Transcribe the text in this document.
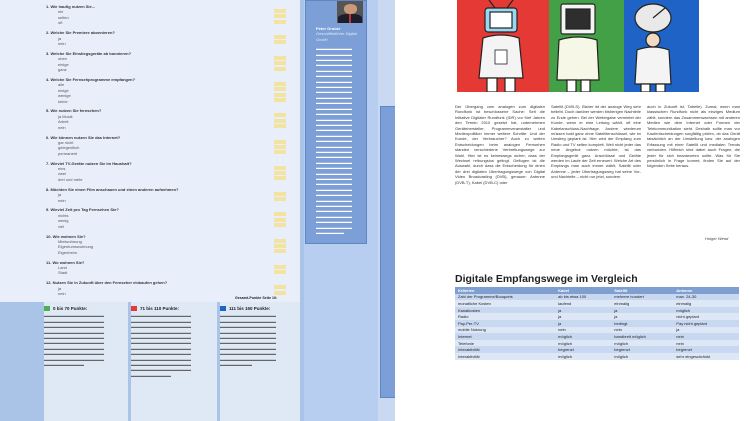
1. Wie haufig nutzen Sie...
nie
selten
oft
2. Welche Sie Premiere abonnieren?
ja
nein
3. Welche Sie Einstiegsgeräte ab bonnieren?
oben
einige
ganz
4. Welche Sie Fernsehprogramme empfangen?
alle
einige
wenige
keine
5. Wie nutzen Sie fernsehen?
ja Musik
Arbeit
nein
6. Wie können nutzen Sie das Internet?
gar nicht
gelegentlich
permanent
7. Wieviel TV-Geräte nutzen Sie im Haushalt?
eins
zwei
drei und mehr
8. Möchten Sie einen Film anschauen und einen anderen aufnehmen?
ja
nein
9. Wieviel Zeit pro Tag Fernsehen Sie?
nichts
wenig
viel
10. Wie wohnen Sie?
Mietwohnung
Eigentumswohnung
Eigenheim
11. Wo wohnen Sie?
Land
Stadt
12. Nutzen Sie in Zukunft über den Fernseher einkaufen gehen?
ja
nein
Gesamt-Punkte Seite 10:
0 bis 70 Punkte:
▬▬▬▬▬▬▬▬▬▬▬▬▬▬▬
▬▬▬▬▬▬▬▬▬▬▬▬▬▬▬
▬▬▬▬▬▬▬▬▬▬▬▬▬▬▬
▬▬▬▬▬▬▬▬▬▬▬▬▬▬▬
▬▬▬▬▬▬▬▬▬▬▬▬▬▬▬
▬▬▬▬▬▬▬▬▬▬▬▬▬▬▬
▬▬▬▬▬▬▬▬▬▬▬▬▬▬▬
▬▬▬▬▬▬▬▬▬▬▬▬▬▬▬
▬▬▬▬▬▬▬▬▬▬▬▬▬▬▬
▬▬▬▬▬▬▬▬▬▬
71 bis 110 Punkte:
▬▬▬▬▬▬▬▬▬▬▬▬▬▬▬
▬▬▬▬▬▬▬▬▬▬▬▬▬▬▬
▬▬▬▬▬▬▬▬▬▬▬▬▬▬▬
▬▬▬▬▬▬▬▬▬▬▬▬▬▬▬
▬▬▬▬▬▬▬▬▬▬▬▬▬▬▬
▬▬▬▬▬▬▬▬▬▬▬▬▬▬▬
▬▬▬▬▬▬▬▬▬▬▬▬▬▬▬
▬▬▬▬▬▬▬▬▬▬▬▬▬▬▬
▬▬▬▬▬▬▬▬▬▬▬▬▬▬▬
▬▬▬▬▬▬▬▬▬▬▬▬▬▬▬
▬▬▬▬▬▬▬▬▬▬▬▬▬▬▬
▬▬▬▬▬▬▬▬▬▬
111 bis 150 Punkte:
▬▬▬▬▬▬▬▬▬▬▬▬▬▬
▬▬▬▬▬▬▬▬▬▬▬▬▬▬
▬▬▬▬▬▬▬▬▬▬▬▬▬▬
▬▬▬▬▬▬▬▬▬▬▬▬▬▬
▬▬▬▬▬▬▬▬▬▬▬▬▬▬
▬▬▬▬▬▬▬▬▬▬▬▬▬▬
▬▬▬▬▬▬▬▬▬▬▬▬▬▬
▬▬▬▬▬▬▬▬▬▬▬▬▬▬
▬▬▬▬▬▬▬▬▬▬▬▬▬▬
▬▬▬▬▬▬▬▬
Peter Gruber
Geschäftsführer Digital GmbH
▬▬▬▬▬▬▬▬▬
▬▬▬▬▬▬▬▬▬
▬▬▬▬▬▬▬▬▬
▬▬▬▬▬▬▬▬▬
▬▬▬▬▬▬▬▬▬
▬▬▬▬▬▬▬▬▬
▬▬▬▬▬▬▬▬▬
▬▬▬▬▬▬▬▬▬
▬▬▬▬▬▬▬▬▬
▬▬▬▬▬▬▬▬▬
▬▬▬▬▬▬▬▬▬
▬▬▬▬▬▬▬▬▬
▬▬▬▬▬▬▬▬▬
▬▬▬▬▬▬▬▬▬
▬▬▬▬▬▬▬▬▬
▬▬▬▬▬▬▬▬▬
▬▬▬▬▬▬▬▬▬
▬▬▬▬▬▬▬▬▬
▬▬▬▬▬▬▬▬▬
▬▬▬▬▬▬▬▬▬
▬▬▬▬▬▬▬▬▬
▬▬▬▬▬▬▬▬▬
▬▬▬▬▬▬▬▬▬
▬▬▬▬▬▬▬▬▬
▬▬▬▬▬▬▬▬▬
▬▬▬▬▬▬▬▬▬
▬▬▬▬▬▬▬▬▬
▬▬▬▬▬▬▬▬▬
▬▬▬▬▬▬▬▬▬
▬▬▬▬▬▬▬▬▬
▬▬▬▬▬▬▬▬▬
▬▬▬▬▬▬▬▬▬
▬▬▬▬▬▬▬▬▬
▬▬▬▬▬▬▬▬▬
▬▬▬▬▬▬▬

Der Übergang vom analogen zum digitalen Rundfunk ist beschlossene Sache: Seit die Initiative Digitaler Rundfunk (IDR) vor fünf Jahren den Termin 2010 gesetzt hat, unternehmen Gerätehersteller, Programmveranstalter und Medienpolitiker immer weitere Schritte. Und der Kunde, der Verbraucher? Auch zu weiten Entscheidungen beim analogen Fernsehen standen verschiedene Verbreitungswege zur Wahl. Hier ist es keineswegs sicher, dass der Wechsel reibungslos gelingt. Geflogen ist die Auswahl, durch dass die Entscheidung für einen der drei digitalen Übertragungswege von Digital Video Broadcasting (DVB), genauer: Antenne (DVB-T), Kabel (DVB-C) oder
Satellit (DVB-S). Bisher ist der analoge Weg sehr beliebt. Doch darüber werden bisherigen Nachteile zu Ende gehen. Bei der Weitergabe vermietet der Kunde, wenn er eine Leitung wählt, oft eine Kabelanschluss-Nachfrage. Andere wiederum müssen bald ganz ohne Satellitenschüssel, wie im Umstieg geplant ist. Hier wird der Empfang zum Radio und TV selten komplett. Weil nicht jeder das neue Angebot nutzen möchte, ist das Empfangsgerät ganz. Anschlüsse und Geräte werden im Laufe der Zeit erneuert. Welche Art des Empfangs man auch immer wählt, Satellit oder Antenne – jeder Übertragungsweg hat seine Vor- und Nachteile – nicht nur jetzt, sondern
auch in Zukunft ist, Tabelle). Zumal, wenn man klassischen Rundfunk nicht als einziges Medium zählt, sondern das Zusammenwachsen mit anderen Medien wie dem Internet oder Formen der Telekommunikation sieht. Deshalb sollte man vor Kaufentscheidungen sorgfältig prüfen, ob das Gerät tatsächlich an der Umstellung bzw. der analogen Erfassung mit einer Satellit und medialen Trends verbunden. Hilfreich sind dabei auch Fragen, die jeder für sich beantworten sollte. Was für Sie persönlich in Frage kommt, finden Sie auf der folgenden Seite heraus.
Holger Wend
Digitale Empfangswege im Vergleich
Kriterien	Kabel	Satellit	Antenne
Zahl der Programme/Bouquets	ab bis etwa 100	mehrere hundert	max. 24-30
monatliche Kosten	laufend	einmalig	einmalig
Kanalkosten	ja	ja	möglich
Radio	ja	ja	nicht geplant
Pay-Per-TV	ja	bedingt	Pay nicht geplant
mobile Nutzung	nein	nein	ja
Internet	möglich	bandbreit möglich	nein
Telefonie	möglich	möglich	nein
Interaktivität	begrenzt	begrenzt	begrenzt
Interaktivität	möglich	möglich	sehr eingeschränkt
